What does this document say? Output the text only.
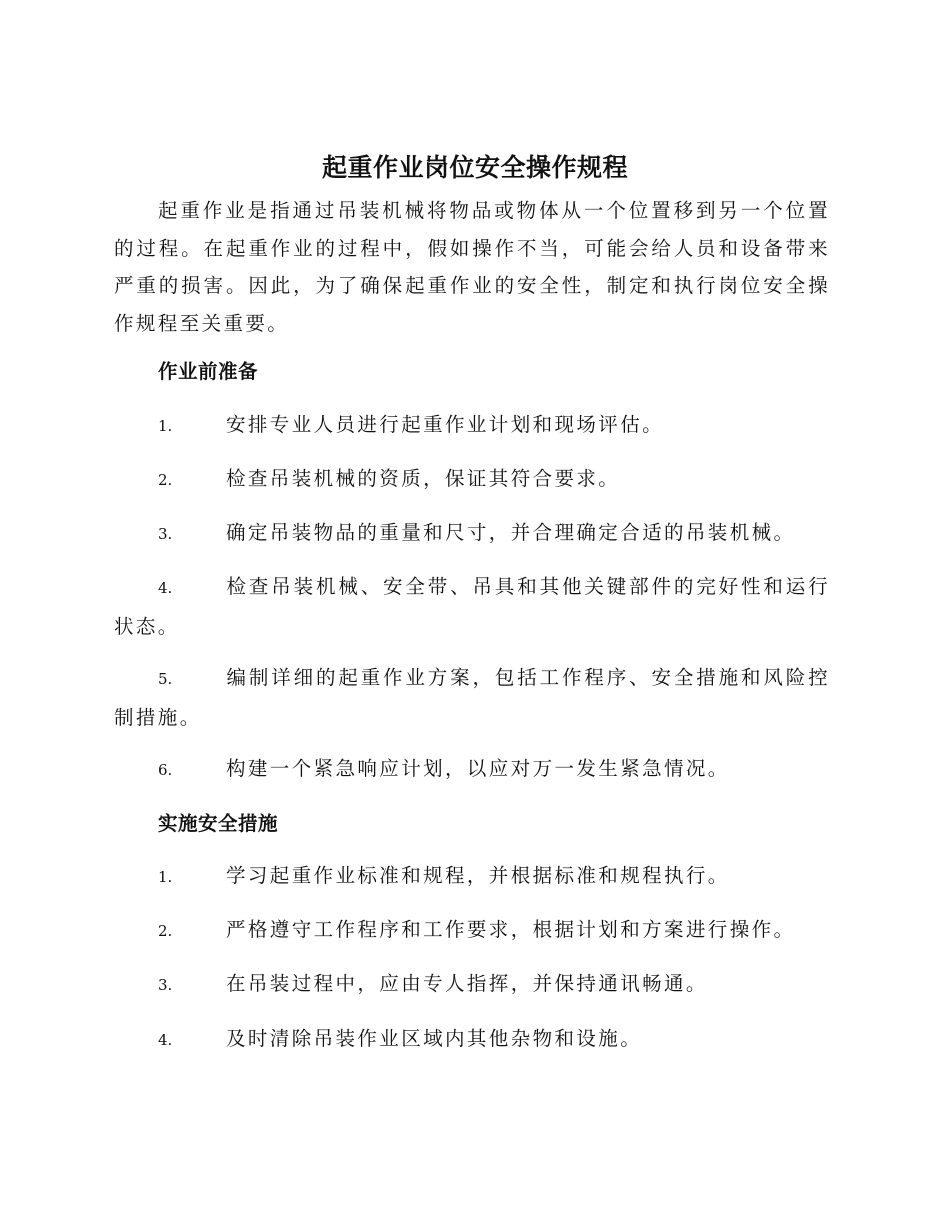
起重作业岗位安全操作规程

起重作业是指通过吊装机械将物品或物体从一个位置移到另一个位置的过程。在起重作业的过程中，假如操作不当，可能会给人员和设备带来严重的损害。因此，为了确保起重作业的安全性，制定和执行岗位安全操作规程至关重要。

作业前准备

1.	安排专业人员进行起重作业计划和现场评估。

2.	检查吊装机械的资质，保证其符合要求。

3.	确定吊装物品的重量和尺寸，并合理确定合适的吊装机械。

4.	检查吊装机械、安全带、吊具和其他关键部件的完好性和运行状态。

5.	编制详细的起重作业方案，包括工作程序、安全措施和风险控制措施。

6.	构建一个紧急响应计划，以应对万一发生紧急情况。

实施安全措施

1.	学习起重作业标准和规程，并根据标准和规程执行。

2.	严格遵守工作程序和工作要求，根据计划和方案进行操作。

3.	在吊装过程中，应由专人指挥，并保持通讯畅通。

4.	及时清除吊装作业区域内其他杂物和设施。
